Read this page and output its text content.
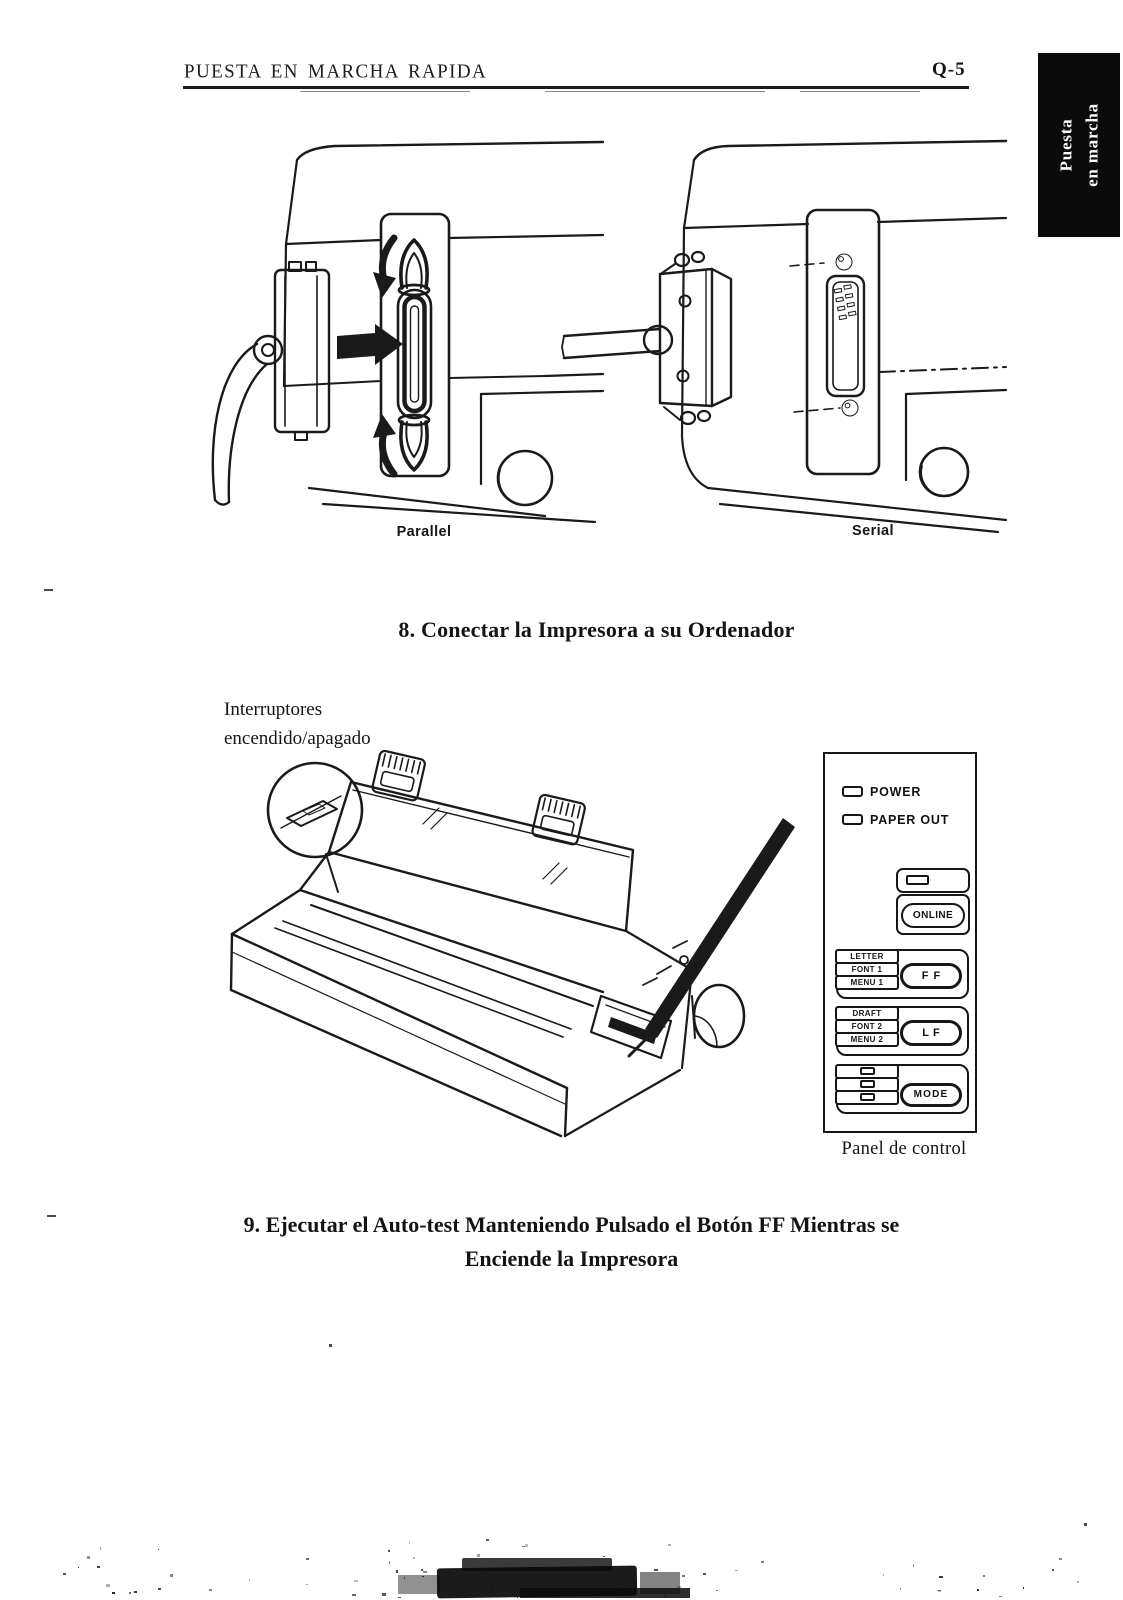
PUESTA EN MARCHA RAPIDA	Q-5
Puesta en marcha
Parallel	Serial
8. Conectar la Impresora a su Ordenador
Interruptores
encendido/apagado
POWER
PAPER OUT
ONLINE
LETTER
FONT 1
MENU 1
FF
DRAFT
FONT 2
MENU 2
LF
MODE
Panel de control
9. Ejecutar el Auto-test Manteniendo Pulsado el Botón FF Mientras se
Enciende la Impresora
